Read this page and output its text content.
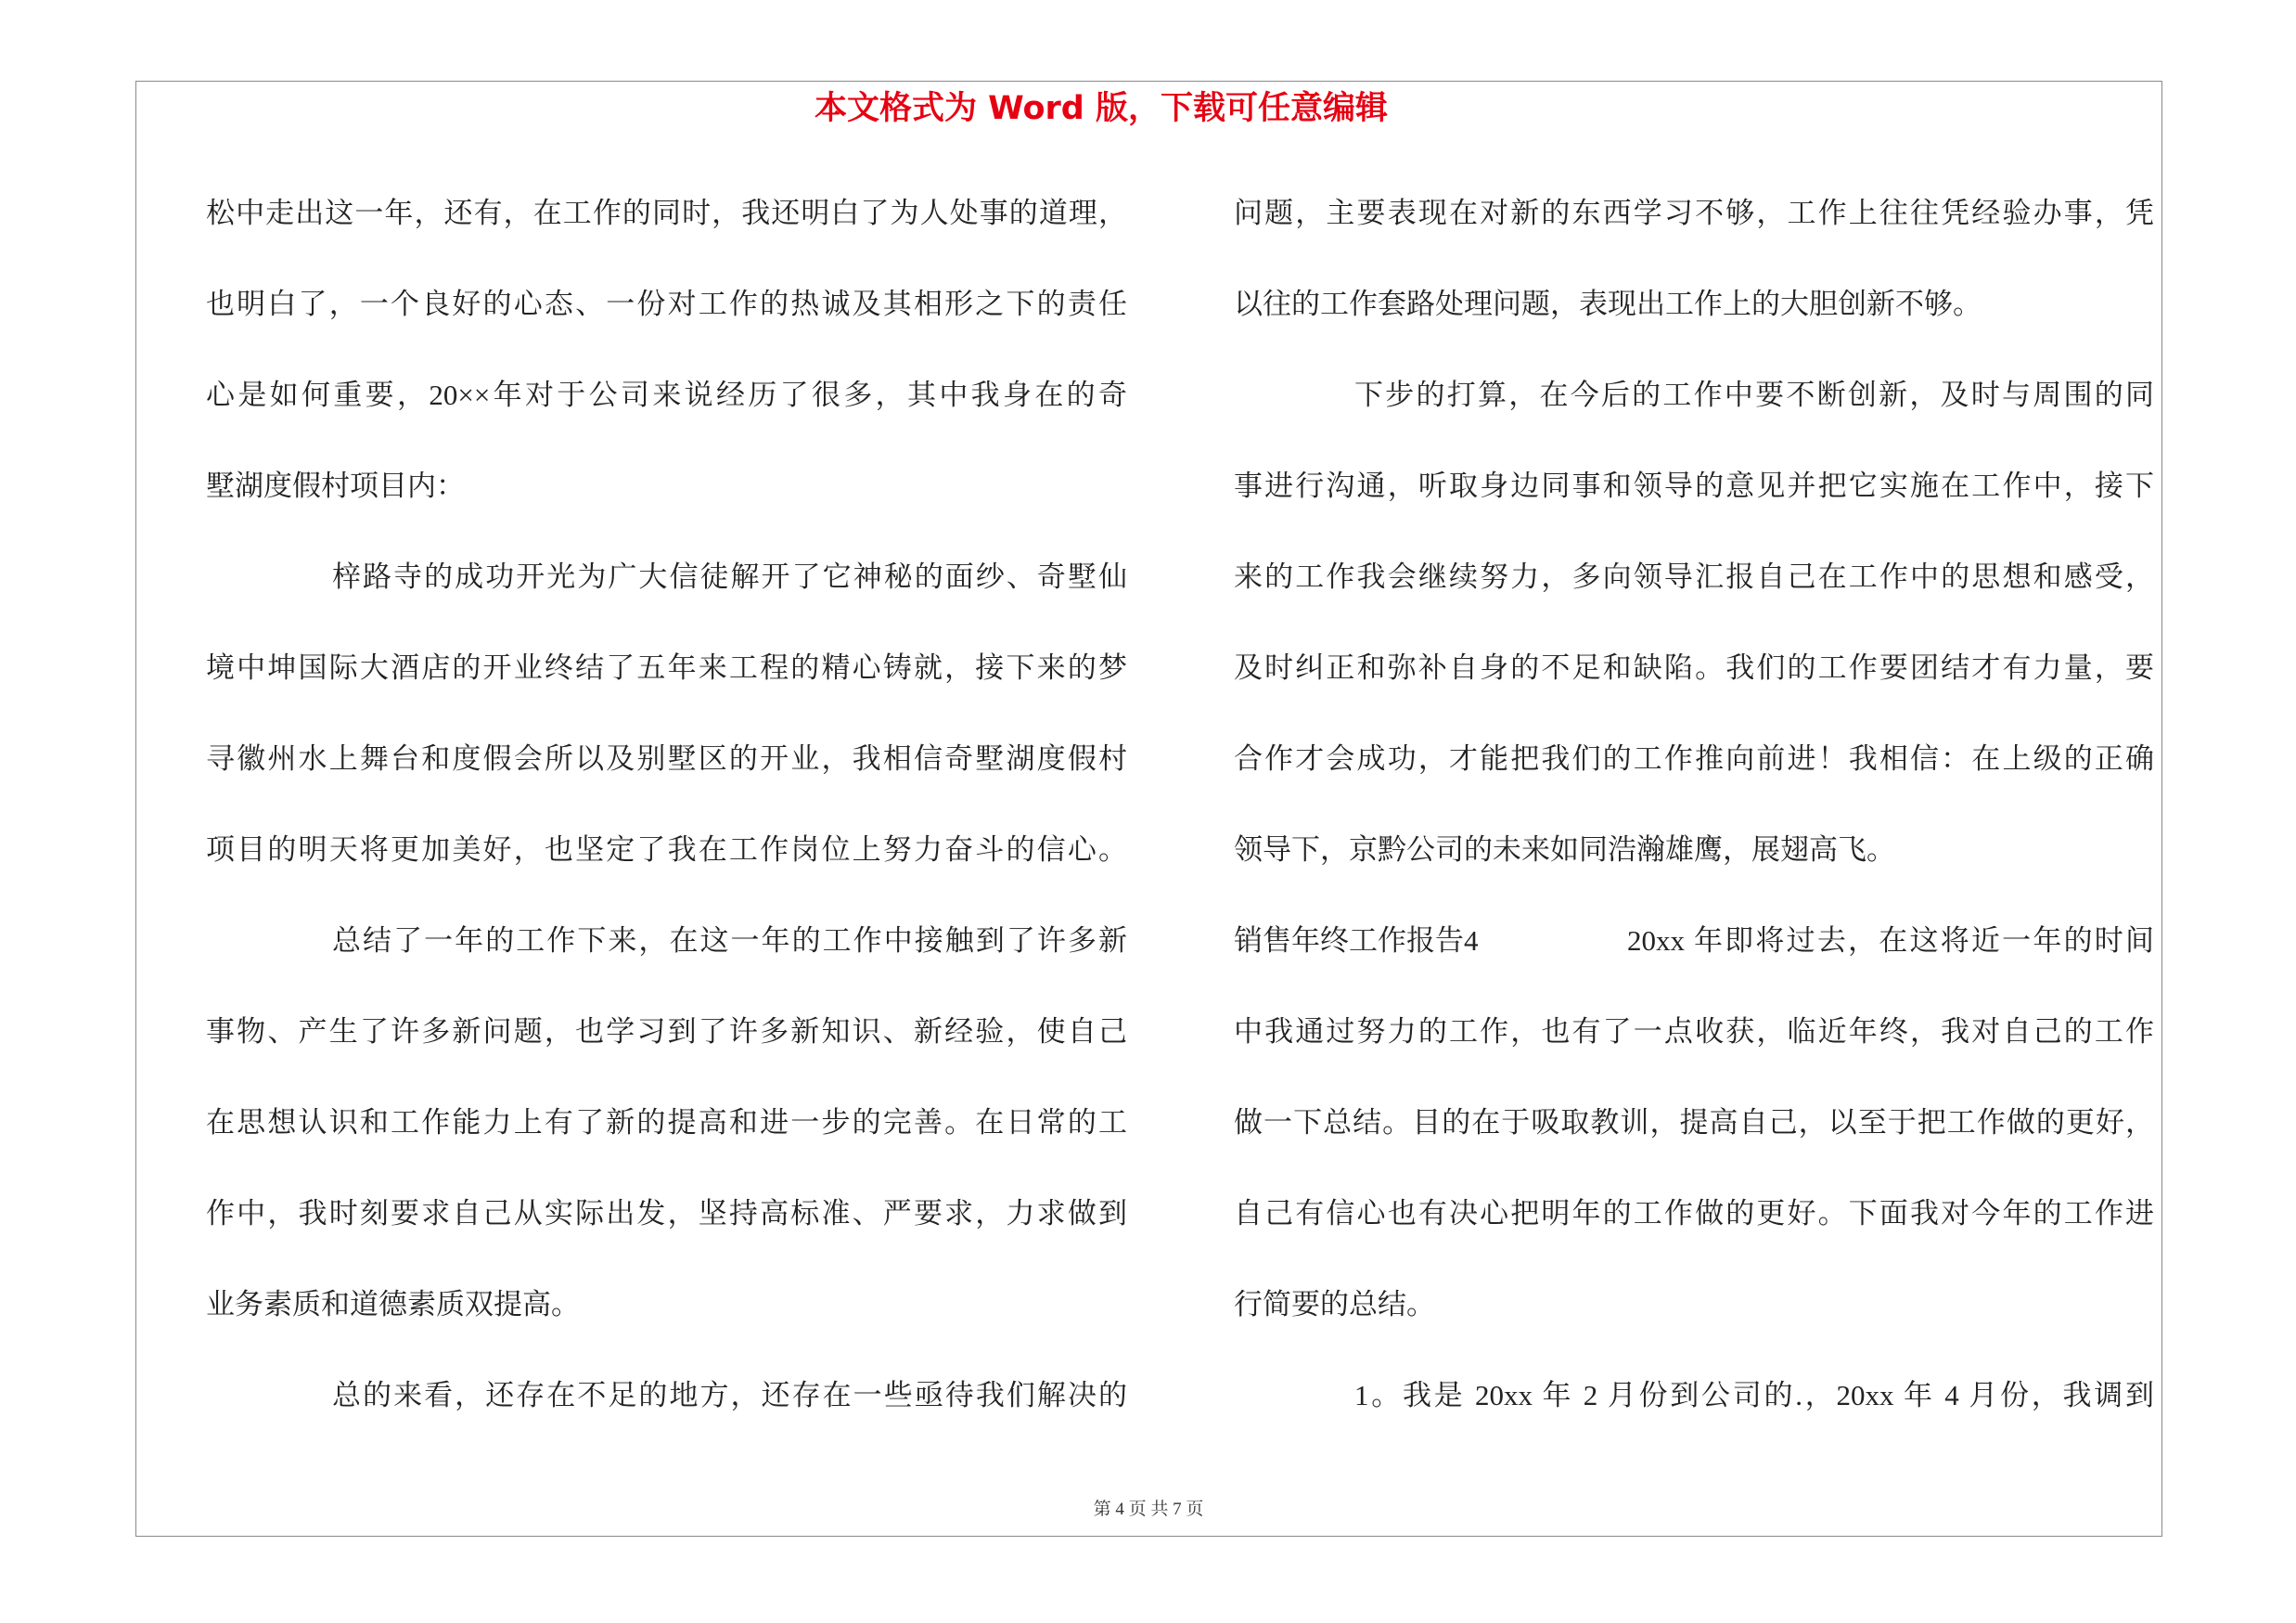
本文格式为 Word 版，下载可任意编辑
松中走出这一年，还有，在工作的同时，我还明白了为人处事的道理，
也明白了，一个良好的心态、一份对工作的热诚及其相形之下的责任
心是如何重要，20××年对于公司来说经历了很多，其中我身在的奇
墅湖度假村项目内：
梓路寺的成功开光为广大信徒解开了它神秘的面纱、奇墅仙
境中坤国际大酒店的开业终结了五年来工程的精心铸就，接下来的梦
寻徽州水上舞台和度假会所以及别墅区的开业，我相信奇墅湖度假村
项目的明天将更加美好，也坚定了我在工作岗位上努力奋斗的信心。
总结了一年的工作下来，在这一年的工作中接触到了许多新
事物、产生了许多新问题，也学习到了许多新知识、新经验，使自己
在思想认识和工作能力上有了新的提高和进一步的完善。在日常的工
作中，我时刻要求自己从实际出发，坚持高标准、严要求，力求做到
业务素质和道德素质双提高。
总的来看，还存在不足的地方，还存在一些亟待我们解决的
问题，主要表现在对新的东西学习不够，工作上往往凭经验办事，凭
以往的工作套路处理问题，表现出工作上的大胆创新不够。
下步的打算，在今后的工作中要不断创新，及时与周围的同
事进行沟通，听取身边同事和领导的意见并把它实施在工作中，接下
来的工作我会继续努力，多向领导汇报自己在工作中的思想和感受，
及时纠正和弥补自身的不足和缺陷。我们的工作要团结才有力量，要
合作才会成功，才能把我们的工作推向前进！我相信：在上级的正确
领导下，京黔公司的未来如同浩瀚雄鹰，展翅高飞。
销售年终工作报告4	20xx 年即将过去，在这将近一年的时间
中我通过努力的工作，也有了一点收获，临近年终，我对自己的工作
做一下总结。目的在于吸取教训，提高自己，以至于把工作做的更好，
自己有信心也有决心把明年的工作做的更好。下面我对今年的工作进
行简要的总结。
1。我是 20xx 年 2 月份到公司的.，20xx 年 4 月份，我调到
第 4 页 共 7 页
